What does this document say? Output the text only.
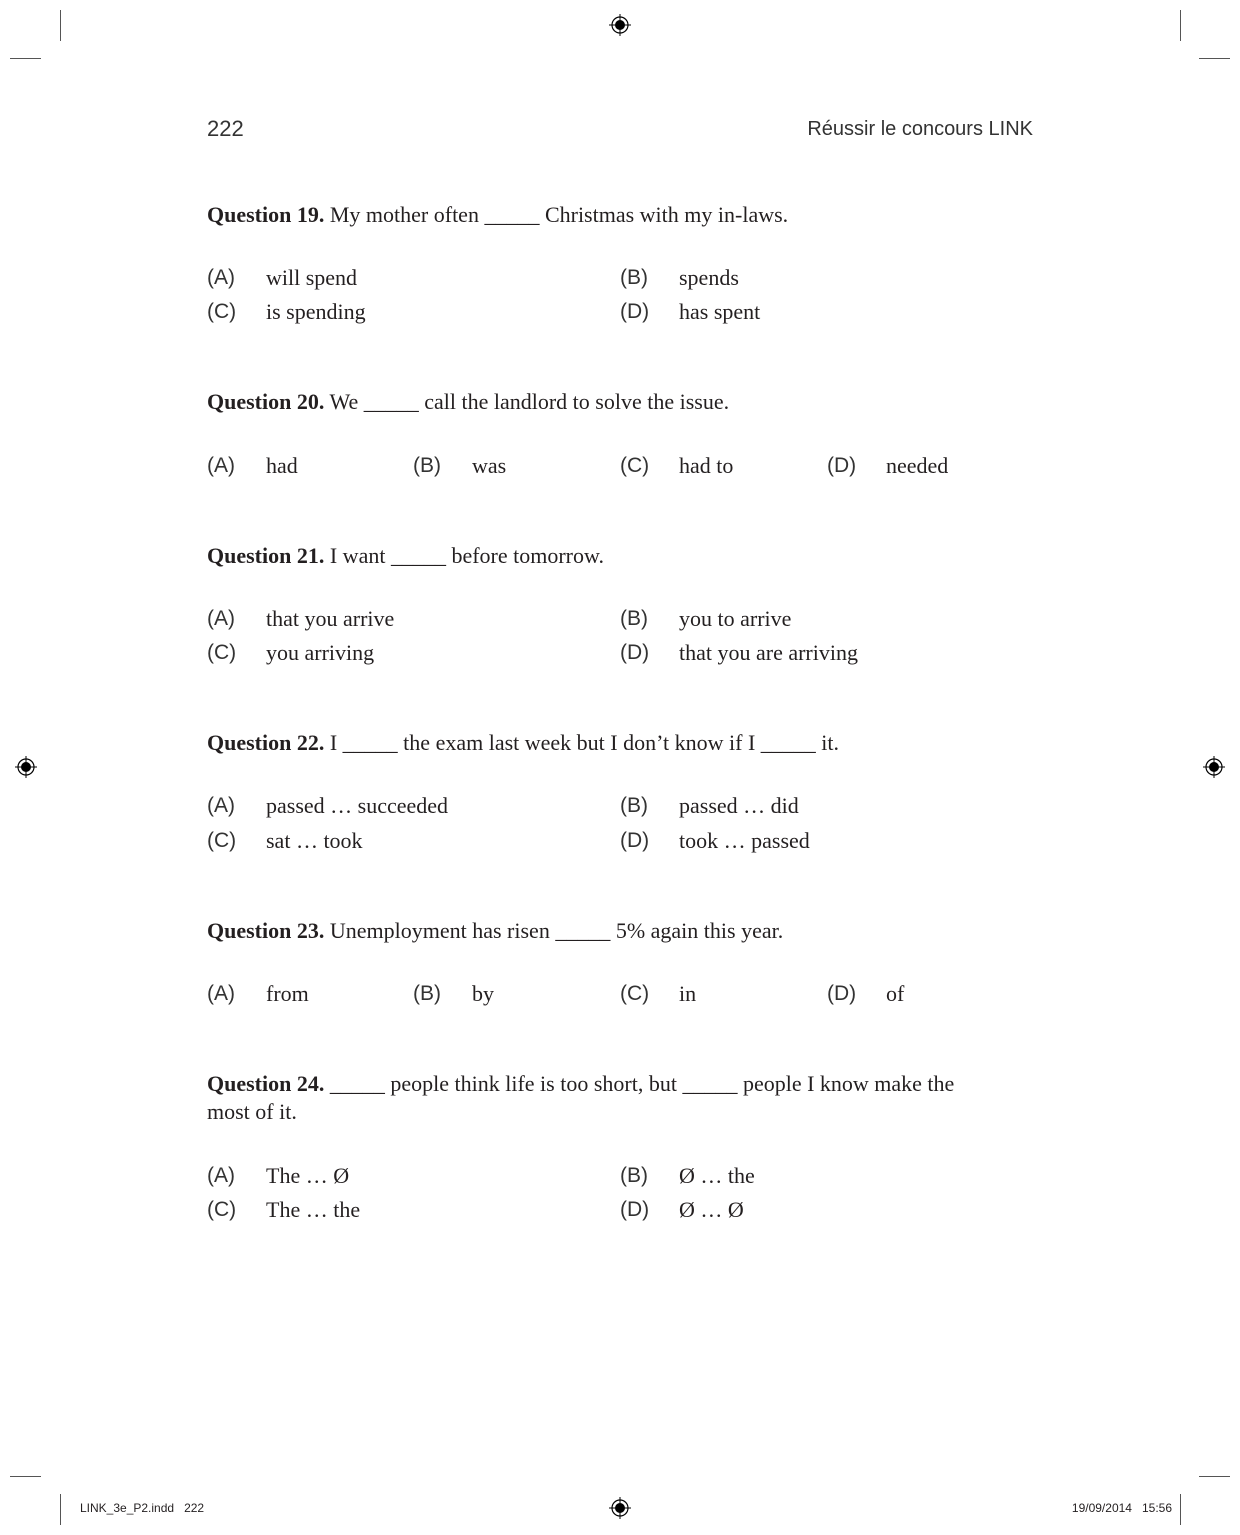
222	Réussir le concours LINK
LINK_3e_P2.indd   222	19/09/2014   15:56
Question 19. My mother often _____ Christmas with my in-laws.
(A) will spend	(B) spends
(C) is spending	(D) has spent
Question 20. We _____ call the landlord to solve the issue.
(A) had	(B) was	(C) had to	(D) needed
Question 21. I want _____ before tomorrow.
(A) that you arrive	(B) you to arrive
(C) you arriving	(D) that you are arriving
Question 22. I _____ the exam last week but I don’t know if I _____ it.
(A) passed … succeeded	(B) passed … did
(C) sat … took	(D) took … passed
Question 23. Unemployment has risen _____ 5% again this year.
(A) from	(B) by	(C) in	(D) of
Question 24. _____ people think life is too short, but _____ people I know make the
most of it.
(A) The … Ø	(B) Ø … the
(C) The … the	(D) Ø … Ø
